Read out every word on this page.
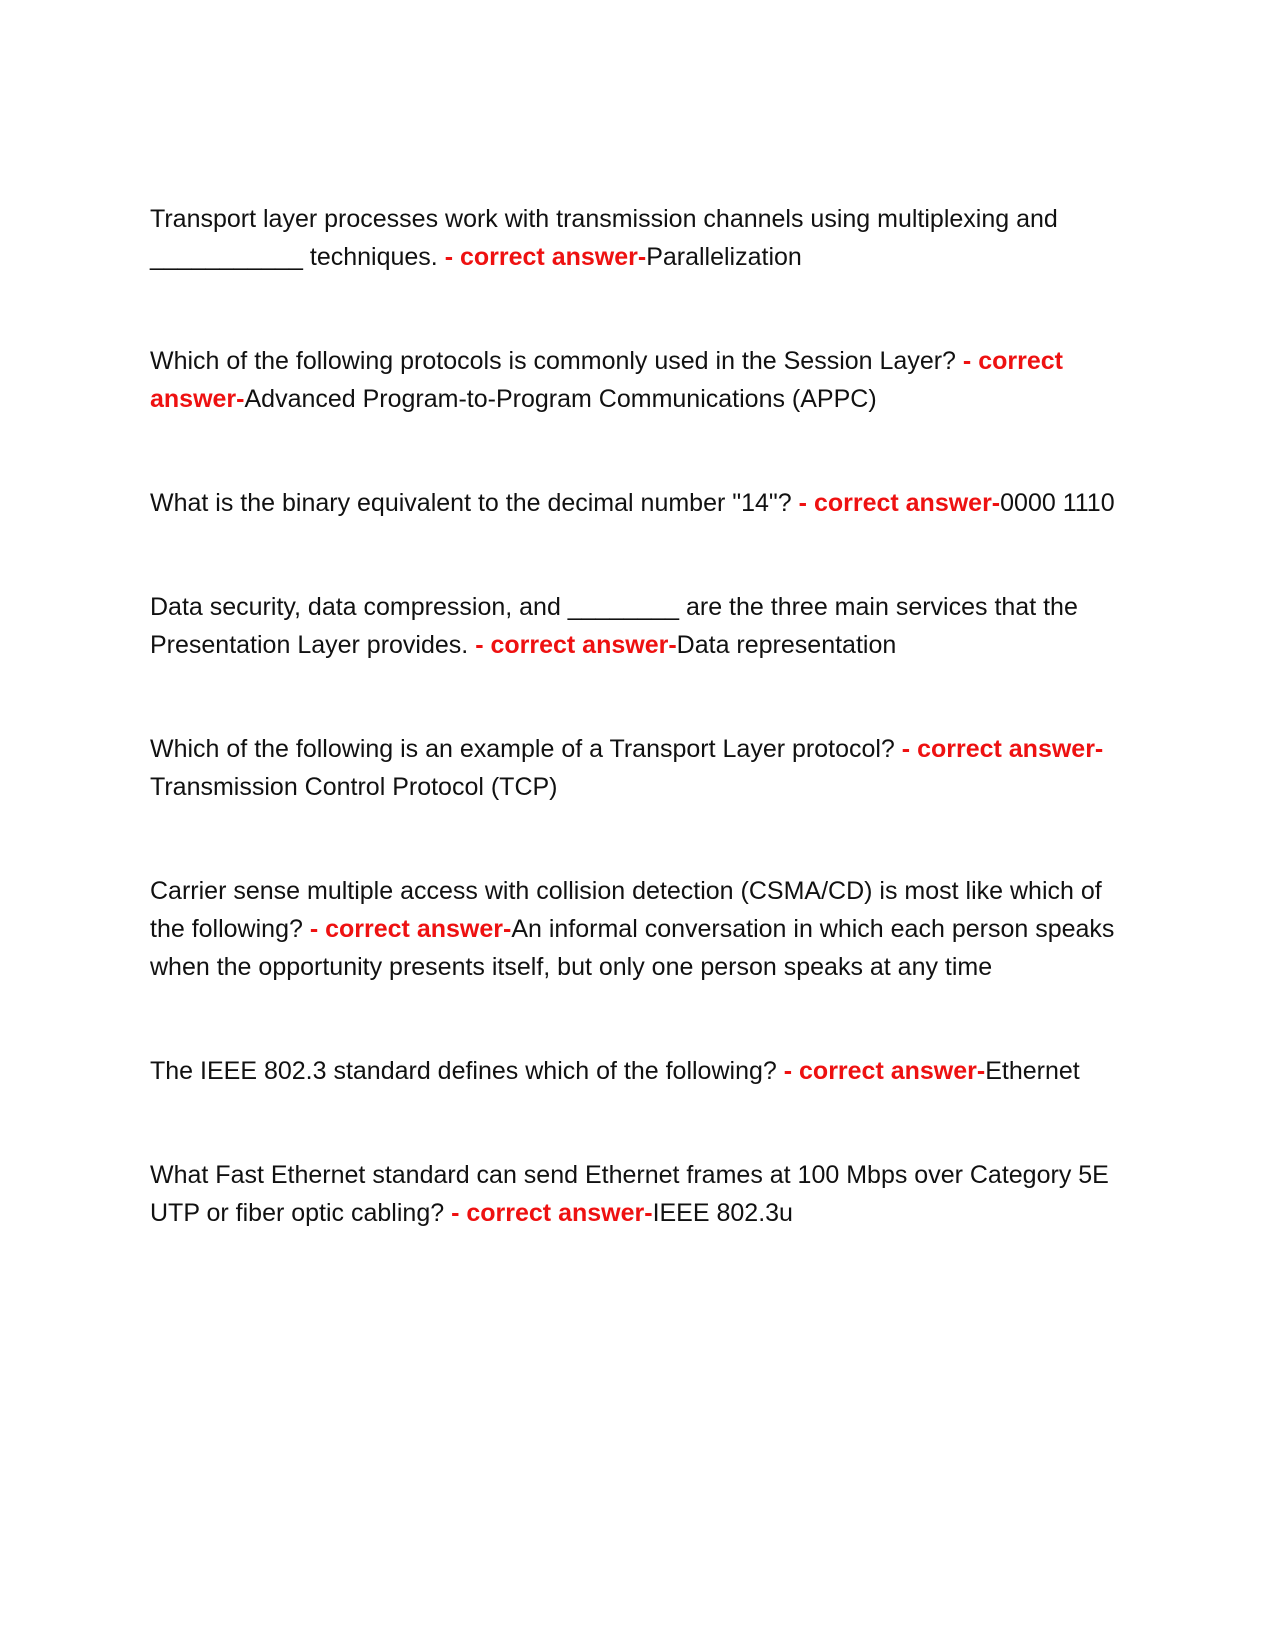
Transport layer processes work with transmission channels using multiplexing and ___________ techniques. - correct answer-Parallelization
Which of the following protocols is commonly used in the Session Layer? - correct answer-Advanced Program-to-Program Communications (APPC)
What is the binary equivalent to the decimal number "14"? - correct answer-0000 1110
Data security, data compression, and ________ are the three main services that the Presentation Layer provides. - correct answer-Data representation
Which of the following is an example of a Transport Layer protocol? - correct answer-Transmission Control Protocol (TCP)
Carrier sense multiple access with collision detection (CSMA/CD) is most like which of the following? - correct answer-An informal conversation in which each person speaks when the opportunity presents itself, but only one person speaks at any time
The IEEE 802.3 standard defines which of the following? - correct answer-Ethernet
What Fast Ethernet standard can send Ethernet frames at 100 Mbps over Category 5E UTP or fiber optic cabling? - correct answer-IEEE 802.3u
